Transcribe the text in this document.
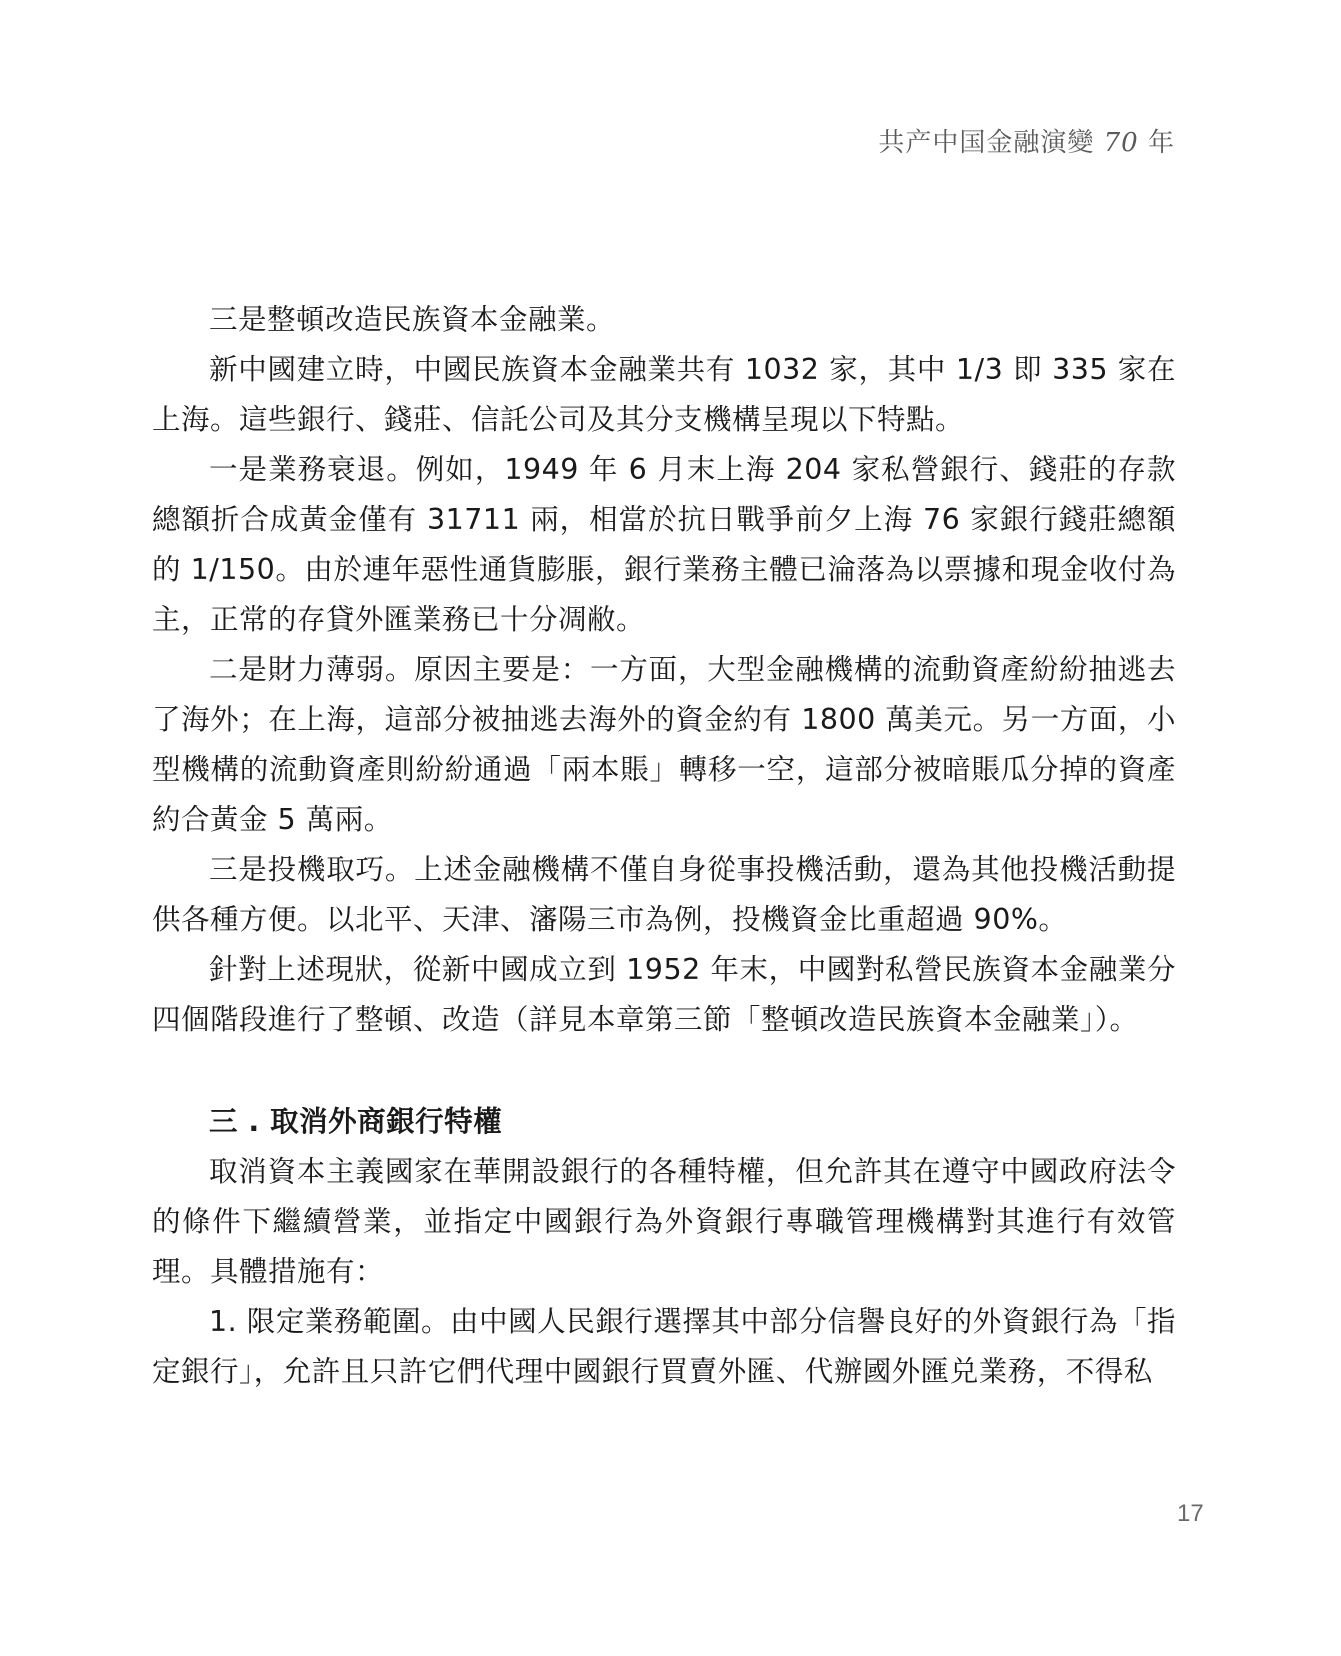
共产中国金融演變 70 年

三是整頓改造民族資本金融業。

新中國建立時，中國民族資本金融業共有 1032 家，其中 1/3 即 335 家在上海。這些銀行、錢莊、信託公司及其分支機構呈現以下特點。

一是業務衰退。例如，1949 年 6 月末上海 204 家私營銀行、錢莊的存款總額折合成黃金僅有 31711 兩，相當於抗日戰爭前夕上海 76 家銀行錢莊總額的 1/150。由於連年惡性通貨膨脹，銀行業務主體已淪落為以票據和現金收付為主，正常的存貸外匯業務已十分凋敝。

二是財力薄弱。原因主要是：一方面，大型金融機構的流動資產紛紛抽逃去了海外；在上海，這部分被抽逃去海外的資金約有 1800 萬美元。另一方面，小型機構的流動資產則紛紛通過「兩本賬」轉移一空，這部分被暗賬瓜分掉的資產約合黃金 5 萬兩。

三是投機取巧。上述金融機構不僅自身從事投機活動，還為其他投機活動提供各種方便。以北平、天津、瀋陽三市為例，投機資金比重超過 90%。

針對上述現狀，從新中國成立到 1952 年末，中國對私營民族資本金融業分四個階段進行了整頓、改造（詳見本章第三節「整頓改造民族資本金融業」）。

三 . 取消外商銀行特權

取消資本主義國家在華開設銀行的各種特權，但允許其在遵守中國政府法令的條件下繼續營業，並指定中國銀行為外資銀行專職管理機構對其進行有效管理。具體措施有：

1. 限定業務範圍。由中國人民銀行選擇其中部分信譽良好的外資銀行為「指定銀行」，允許且只許它們代理中國銀行買賣外匯、代辦國外匯兑業務，不得私

17
